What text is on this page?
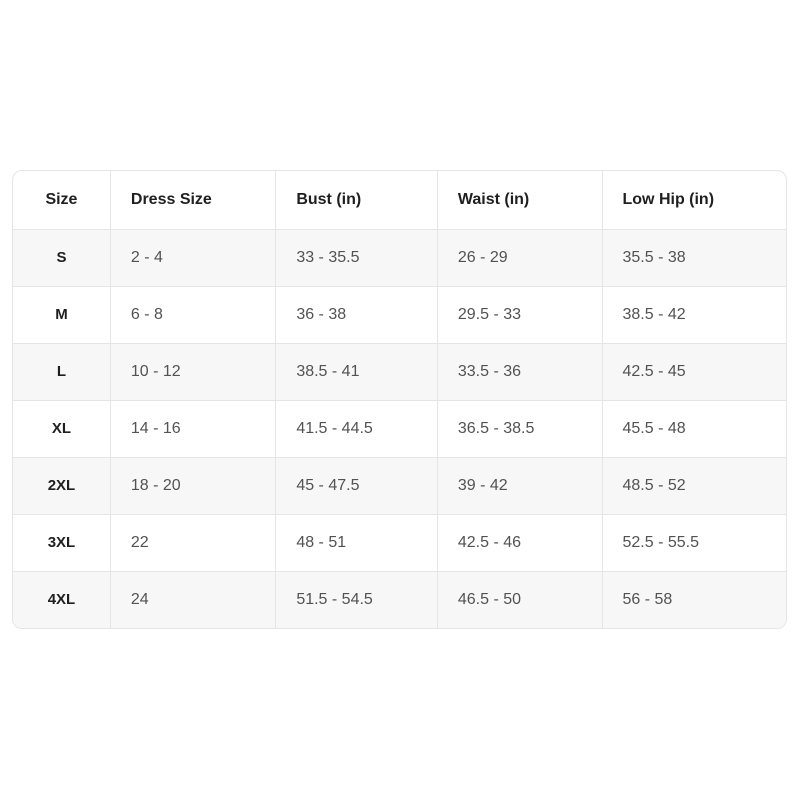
Size	Dress Size	Bust (in)	Waist (in)	Low Hip (in)
S	2 - 4	33 - 35.5	26 - 29	35.5 - 38
M	6 - 8	36 - 38	29.5 - 33	38.5 - 42
L	10 - 12	38.5 - 41	33.5 - 36	42.5 - 45
XL	14 - 16	41.5 - 44.5	36.5 - 38.5	45.5 - 48
2XL	18 - 20	45 - 47.5	39 - 42	48.5 - 52
3XL	22	48 - 51	42.5 - 46	52.5 - 55.5
4XL	24	51.5 - 54.5	46.5 - 50	56 - 58
